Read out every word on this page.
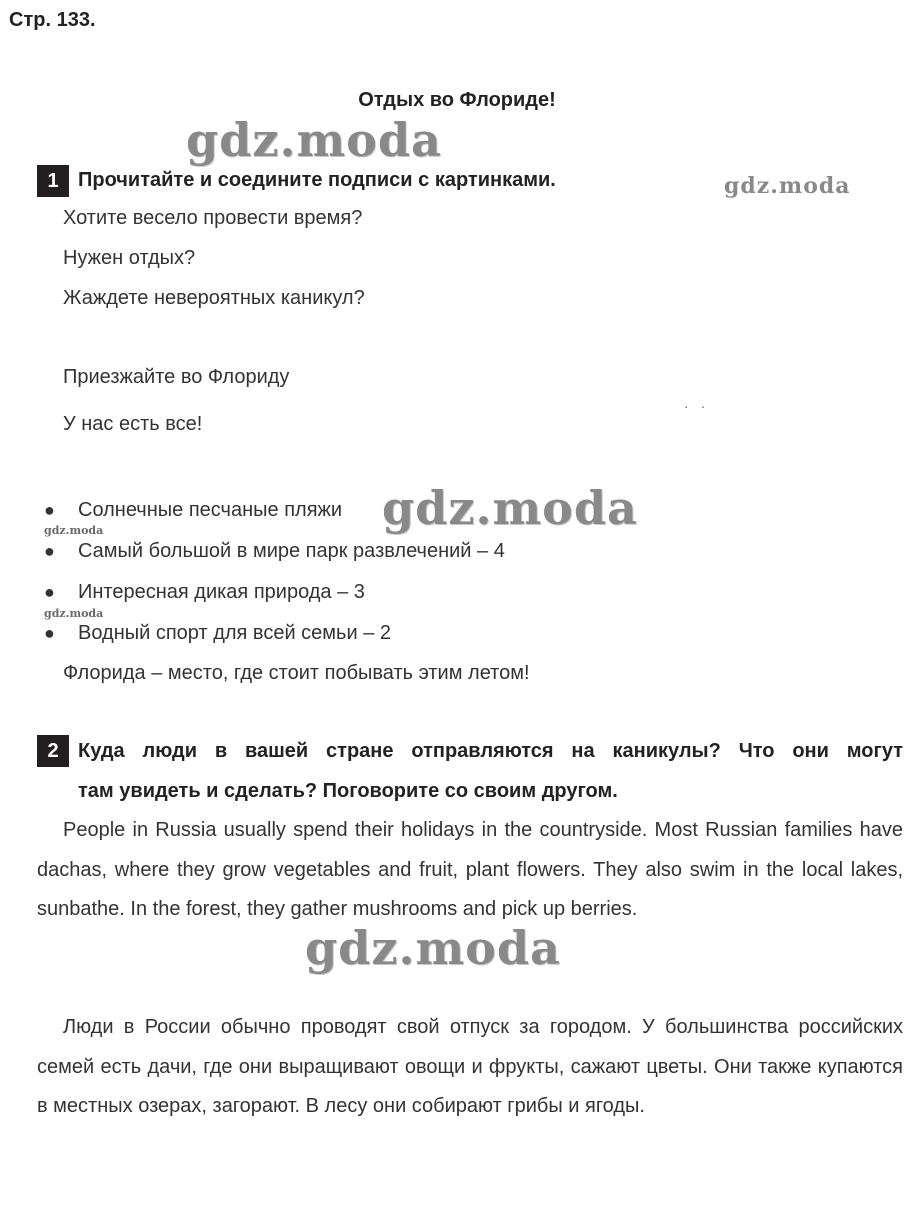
Стр. 133.
Отдых во Флориде!
1 Прочитайте и соедините подписи с картинками.
Хотите весело провести время?
Нужен отдых?
Жаждете невероятных каникул?
Приезжайте во Флориду
У нас есть все!
● Солнечные песчаные пляжи
● Самый большой в мире парк развлечений – 4
● Интересная дикая природа – 3
● Водный спорт для всей семьи – 2
Флорида – место, где стоит побывать этим летом!
2 Куда люди в вашей стране отправляются на каникулы? Что они могут
там увидеть и сделать? Поговорите со своим другом.
People in Russia usually spend their holidays in the countryside. Most Russian families have dachas, where they grow vegetables and fruit, plant flowers. They also swim in the local lakes, sunbathe. In the forest, they gather mushrooms and pick up berries.
Люди в России обычно проводят свой отпуск за городом. У большинства российских семей есть дачи, где они выращивают овощи и фрукты, сажают цветы. Они также купаются в местных озерах, загорают. В лесу они собирают грибы и ягоды.
gdz.moda
gdz.moda
gdz.moda
gdz.moda
gdz.moda
gdz.moda
··
